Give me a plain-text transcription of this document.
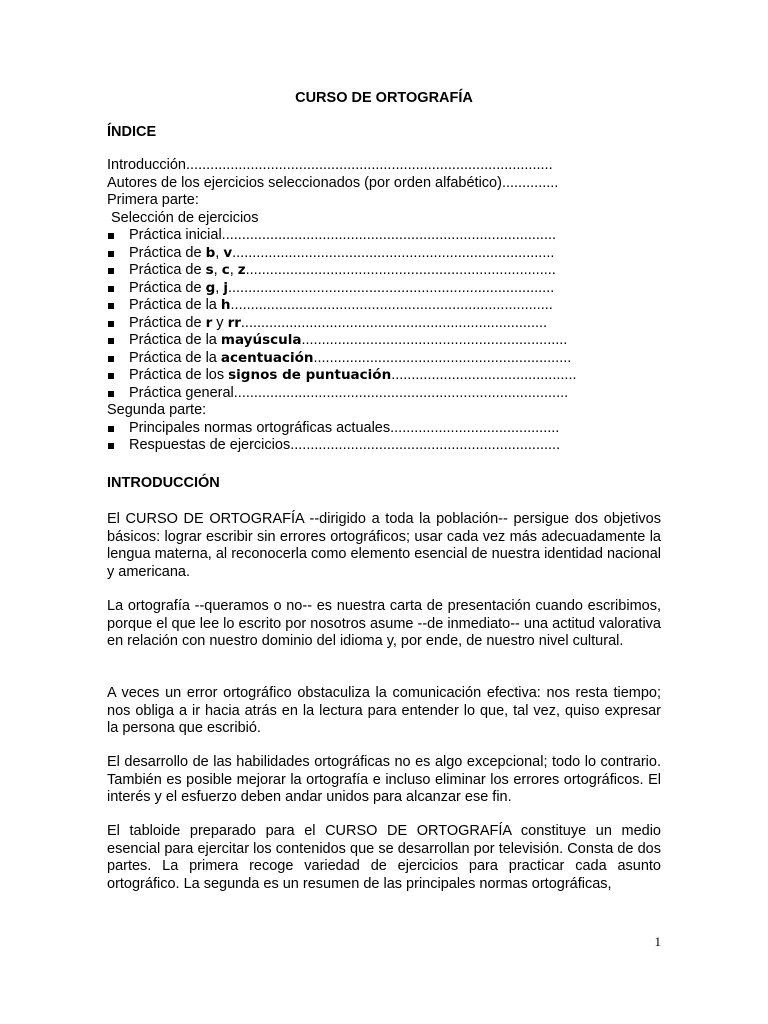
CURSO DE ORTOGRAFÍA
ÍNDICE
Introducción...........................................................................................
Autores de los ejercicios seleccionados (por orden alfabético)..............
Primera parte:
Selección de ejercicios
Práctica inicial...................................................................................
Práctica de b, v................................................................................
Práctica de s, c, z.............................................................................
Práctica de g, j.................................................................................
Práctica de la h................................................................................
Práctica de r y rr............................................................................
Práctica de la mayúscula..................................................................
Práctica de la acentuación................................................................
Práctica de los signos de puntuación..............................................
Práctica general...................................................................................
Segunda parte:
Principales normas ortográficas actuales..........................................
Respuestas de ejercicios...................................................................
INTRODUCCIÓN

El CURSO DE ORTOGRAFÍA --dirigido a toda la población-- persigue dos objetivos básicos: lograr escribir sin errores ortográficos; usar cada vez más adecuadamente la lengua materna, al reconocerla como elemento esencial de nuestra identidad nacional y americana.

La ortografía --queramos o no-- es nuestra carta de presentación cuando escribimos, porque el que lee lo escrito por nosotros asume --de inmediato-- una actitud valorativa en relación con nuestro dominio del idioma y, por ende, de nuestro nivel cultural.

A veces un error ortográfico obstaculiza la comunicación efectiva: nos resta tiempo; nos obliga a ir hacia atrás en la lectura para entender lo que, tal vez, quiso expresar la persona que escribió.

El desarrollo de las habilidades ortográficas no es algo excepcional; todo lo contrario. También es posible mejorar la ortografía e incluso eliminar los errores ortográficos. El interés y el esfuerzo deben andar unidos para alcanzar ese fin.

El tabloide preparado para el CURSO DE ORTOGRAFÍA constituye un medio esencial para ejercitar los contenidos que se desarrollan por televisión. Consta de dos partes. La primera recoge variedad de ejercicios para practicar cada asunto ortográfico. La segunda es un resumen de las principales normas ortográficas,

1
